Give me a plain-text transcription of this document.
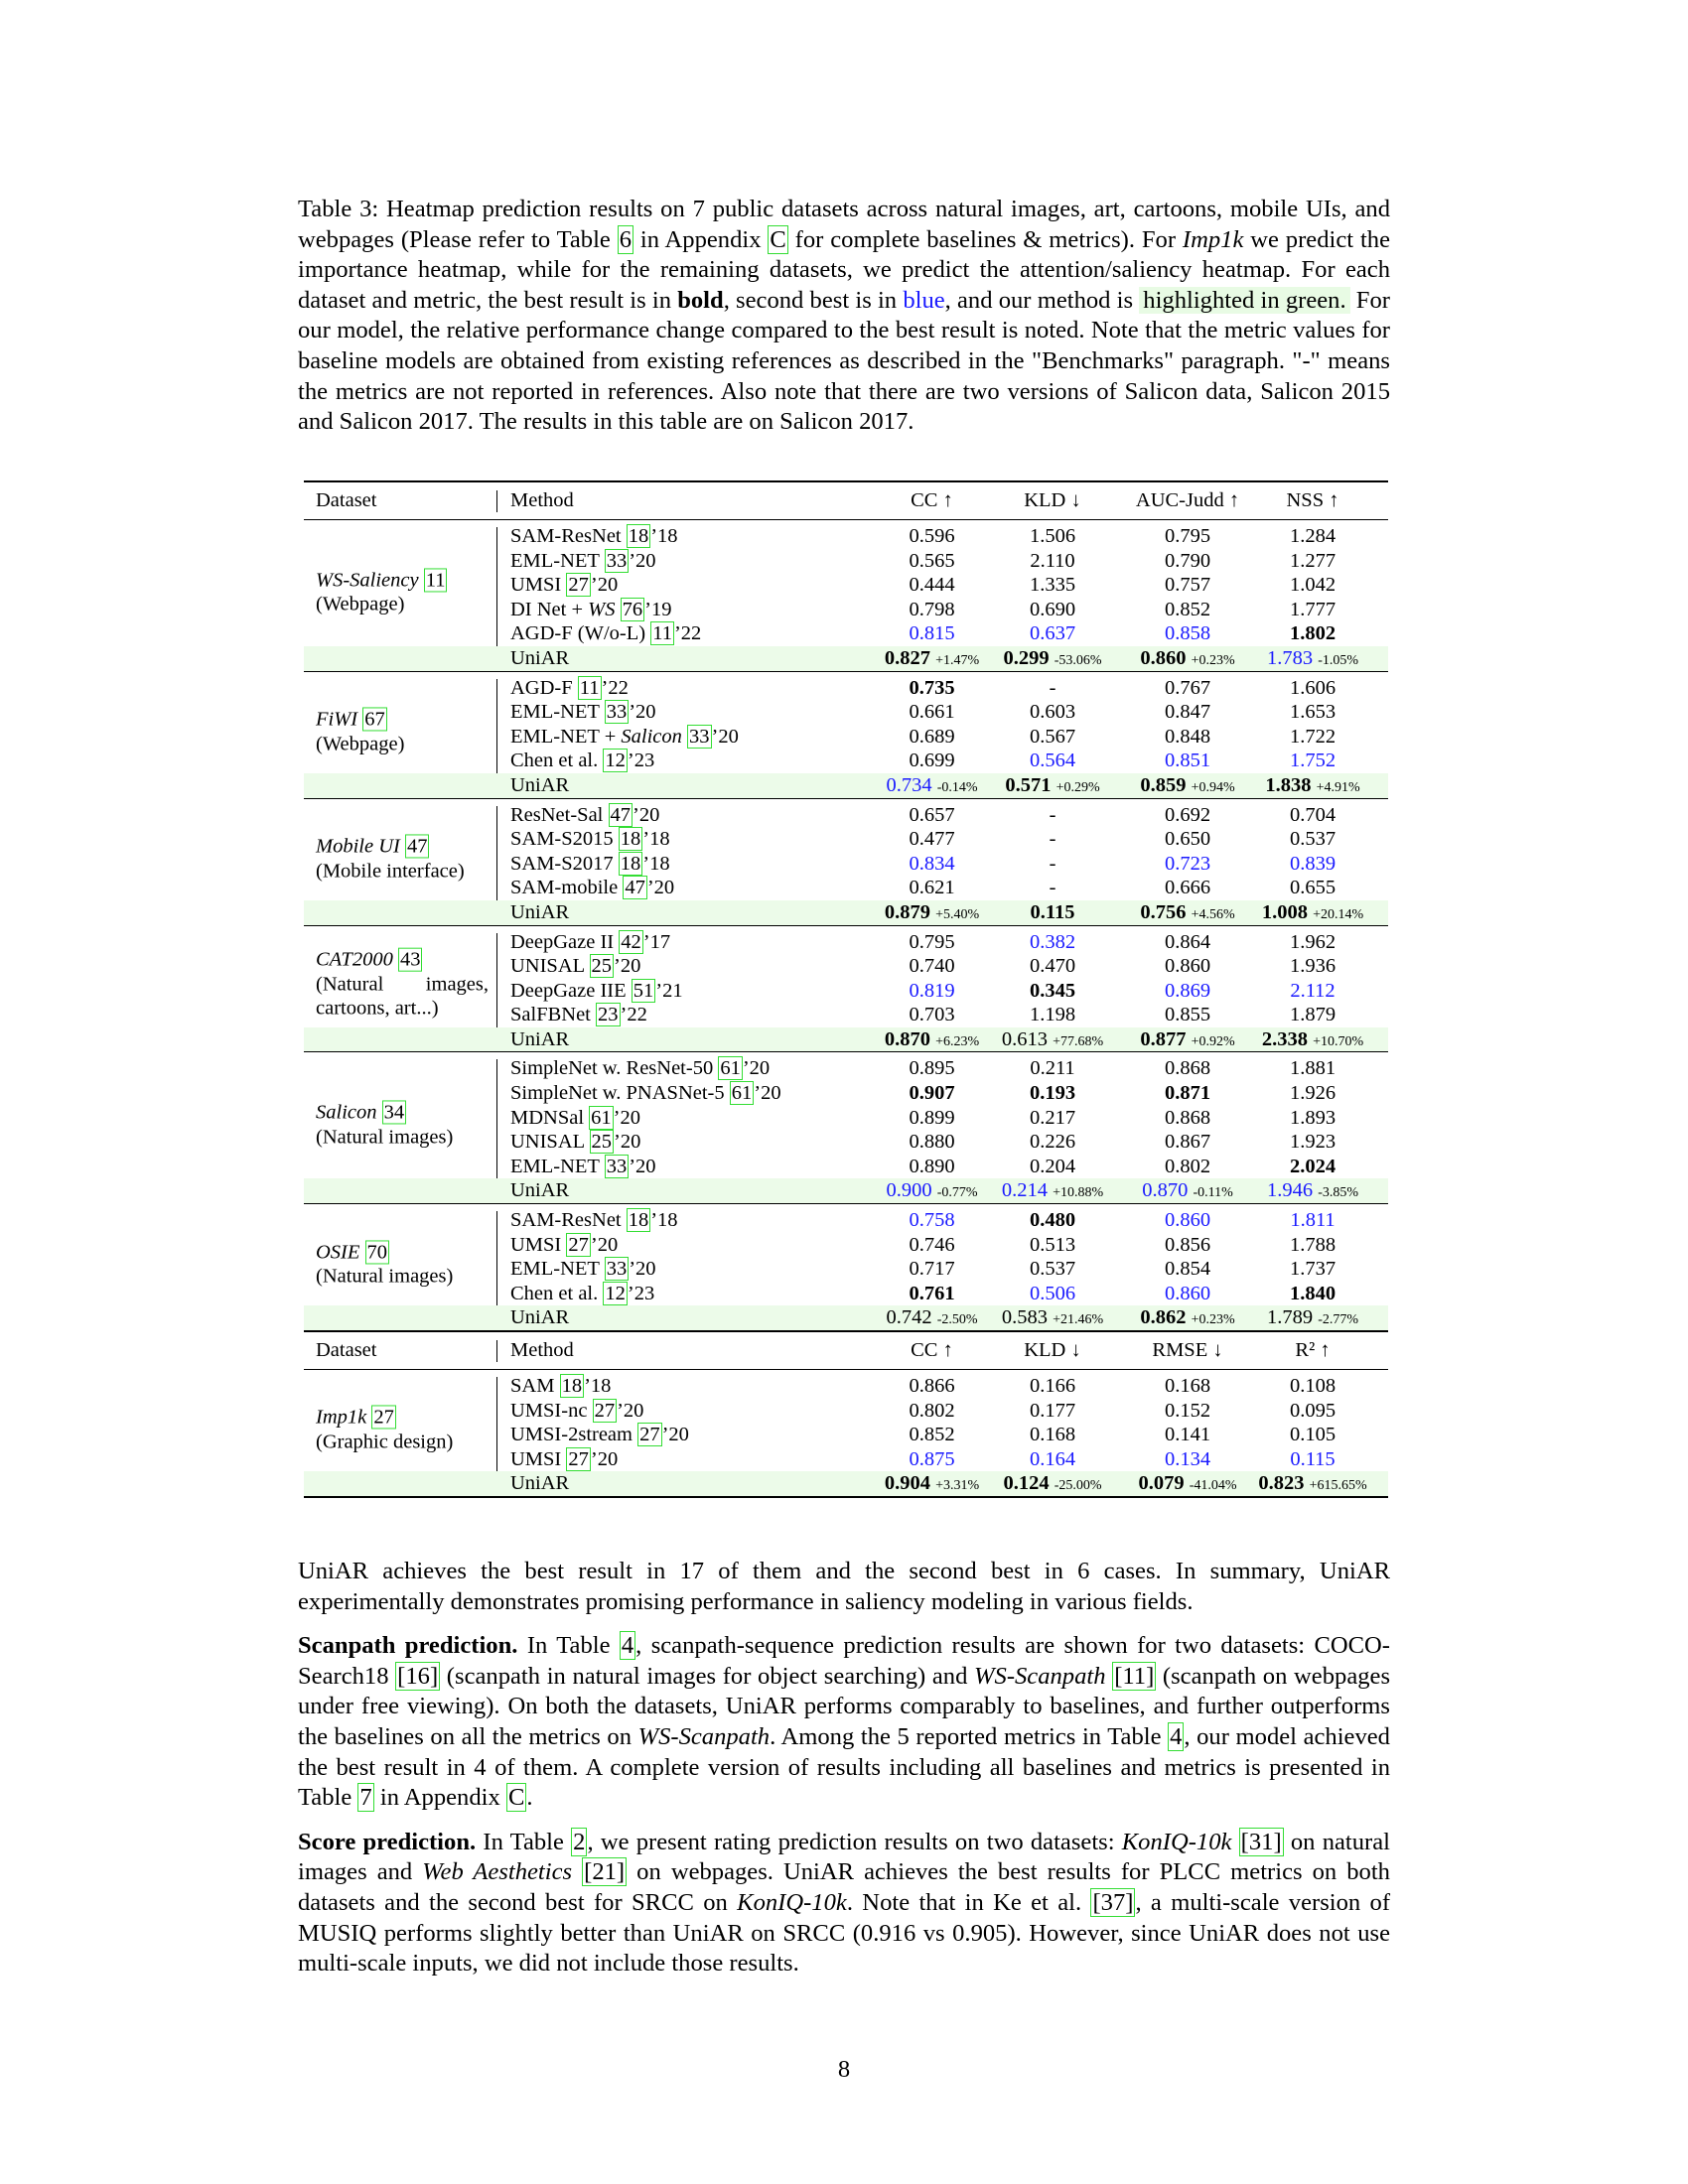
Table 3: Heatmap prediction results on 7 public datasets across natural images, art, cartoons, mobile UIs, and webpages (Please refer to Table 6 in Appendix C for complete baselines & metrics). For Imp1k we predict the importance heatmap, while for the remaining datasets, we predict the attention/saliency heatmap. For each dataset and metric, the best result is in bold, second best is in blue, and our method is highlighted in green. For our model, the relative performance change compared to the best result is noted. Note that the metric values for baseline models are obtained from existing references as described in the "Benchmarks" paragraph. "-" means the metrics are not reported in references. Also note that there are two versions of Salicon data, Salicon 2015 and Salicon 2017. The results in this table are on Salicon 2017.

Dataset	Method	CC ↑	KLD ↓	AUC-Judd ↑	NSS ↑
WS-Saliency 11
(Webpage)
SAM-ResNet 18’18	0.596	1.506	0.795	1.284
EML-NET 33’20	0.565	2.110	0.790	1.277
UMSI 27’20	0.444	1.335	0.757	1.042
DI Net + WS 76’19	0.798	0.690	0.852	1.777
AGD-F (W/o-L) 11’22	0.815	0.637	0.858	1.802
UniAR	0.827 +1.47%	0.299 -53.06%	0.860 +0.23%	1.783 -1.05%
FiWI 67
(Webpage)
AGD-F 11’22	0.735	-	0.767	1.606
EML-NET 33’20	0.661	0.603	0.847	1.653
EML-NET + Salicon 33’20	0.689	0.567	0.848	1.722
Chen et al. 12’23	0.699	0.564	0.851	1.752
UniAR	0.734 -0.14%	0.571 +0.29%	0.859 +0.94%	1.838 +4.91%
Mobile UI 47
(Mobile interface)
ResNet-Sal 47’20	0.657	-	0.692	0.704
SAM-S2015 18’18	0.477	-	0.650	0.537
SAM-S2017 18’18	0.834	-	0.723	0.839
SAM-mobile 47’20	0.621	-	0.666	0.655
UniAR	0.879 +5.40%	0.115	0.756 +4.56%	1.008 +20.14%
CAT2000 43
(Natural images,
cartoons, art...)
DeepGaze II 42’17	0.795	0.382	0.864	1.962
UNISAL 25’20	0.740	0.470	0.860	1.936
DeepGaze IIE 51’21	0.819	0.345	0.869	2.112
SalFBNet 23’22	0.703	1.198	0.855	1.879
UniAR	0.870 +6.23%	0.613 +77.68%	0.877 +0.92%	2.338 +10.70%
Salicon 34
(Natural images)
SimpleNet w. ResNet-50 61’20	0.895	0.211	0.868	1.881
SimpleNet w. PNASNet-5 61’20	0.907	0.193	0.871	1.926
MDNSal 61’20	0.899	0.217	0.868	1.893
UNISAL 25’20	0.880	0.226	0.867	1.923
EML-NET 33’20	0.890	0.204	0.802	2.024
UniAR	0.900 -0.77%	0.214 +10.88%	0.870 -0.11%	1.946 -3.85%
OSIE 70
(Natural images)
SAM-ResNet 18’18	0.758	0.480	0.860	1.811
UMSI 27’20	0.746	0.513	0.856	1.788
EML-NET 33’20	0.717	0.537	0.854	1.737
Chen et al. 12’23	0.761	0.506	0.860	1.840
UniAR	0.742 -2.50%	0.583 +21.46%	0.862 +0.23%	1.789 -2.77%
Dataset	Method	CC ↑	KLD ↓	RMSE ↓	R² ↑
Imp1k 27
(Graphic design)
SAM 18’18	0.866	0.166	0.168	0.108
UMSI-nc 27’20	0.802	0.177	0.152	0.095
UMSI-2stream 27’20	0.852	0.168	0.141	0.105
UMSI 27’20	0.875	0.164	0.134	0.115
UniAR	0.904 +3.31%	0.124 -25.00%	0.079 -41.04%	0.823 +615.65%

UniAR achieves the best result in 17 of them and the second best in 6 cases. In summary, UniAR experimentally demonstrates promising performance in saliency modeling in various fields.

Scanpath prediction. In Table 4, scanpath-sequence prediction results are shown for two datasets: COCO-Search18 [16] (scanpath in natural images for object searching) and WS-Scanpath [11] (scanpath on webpages under free viewing). On both the datasets, UniAR performs comparably to baselines, and further outperforms the baselines on all the metrics on WS-Scanpath. Among the 5 reported metrics in Table 4, our model achieved the best result in 4 of them. A complete version of results including all baselines and metrics is presented in Table 7 in Appendix C.

Score prediction. In Table 2, we present rating prediction results on two datasets: KonIQ-10k [31] on natural images and Web Aesthetics [21] on webpages. UniAR achieves the best results for PLCC metrics on both datasets and the second best for SRCC on KonIQ-10k. Note that in Ke et al. [37], a multi-scale version of MUSIQ performs slightly better than UniAR on SRCC (0.916 vs 0.905). However, since UniAR does not use multi-scale inputs, we did not include those results.

8
